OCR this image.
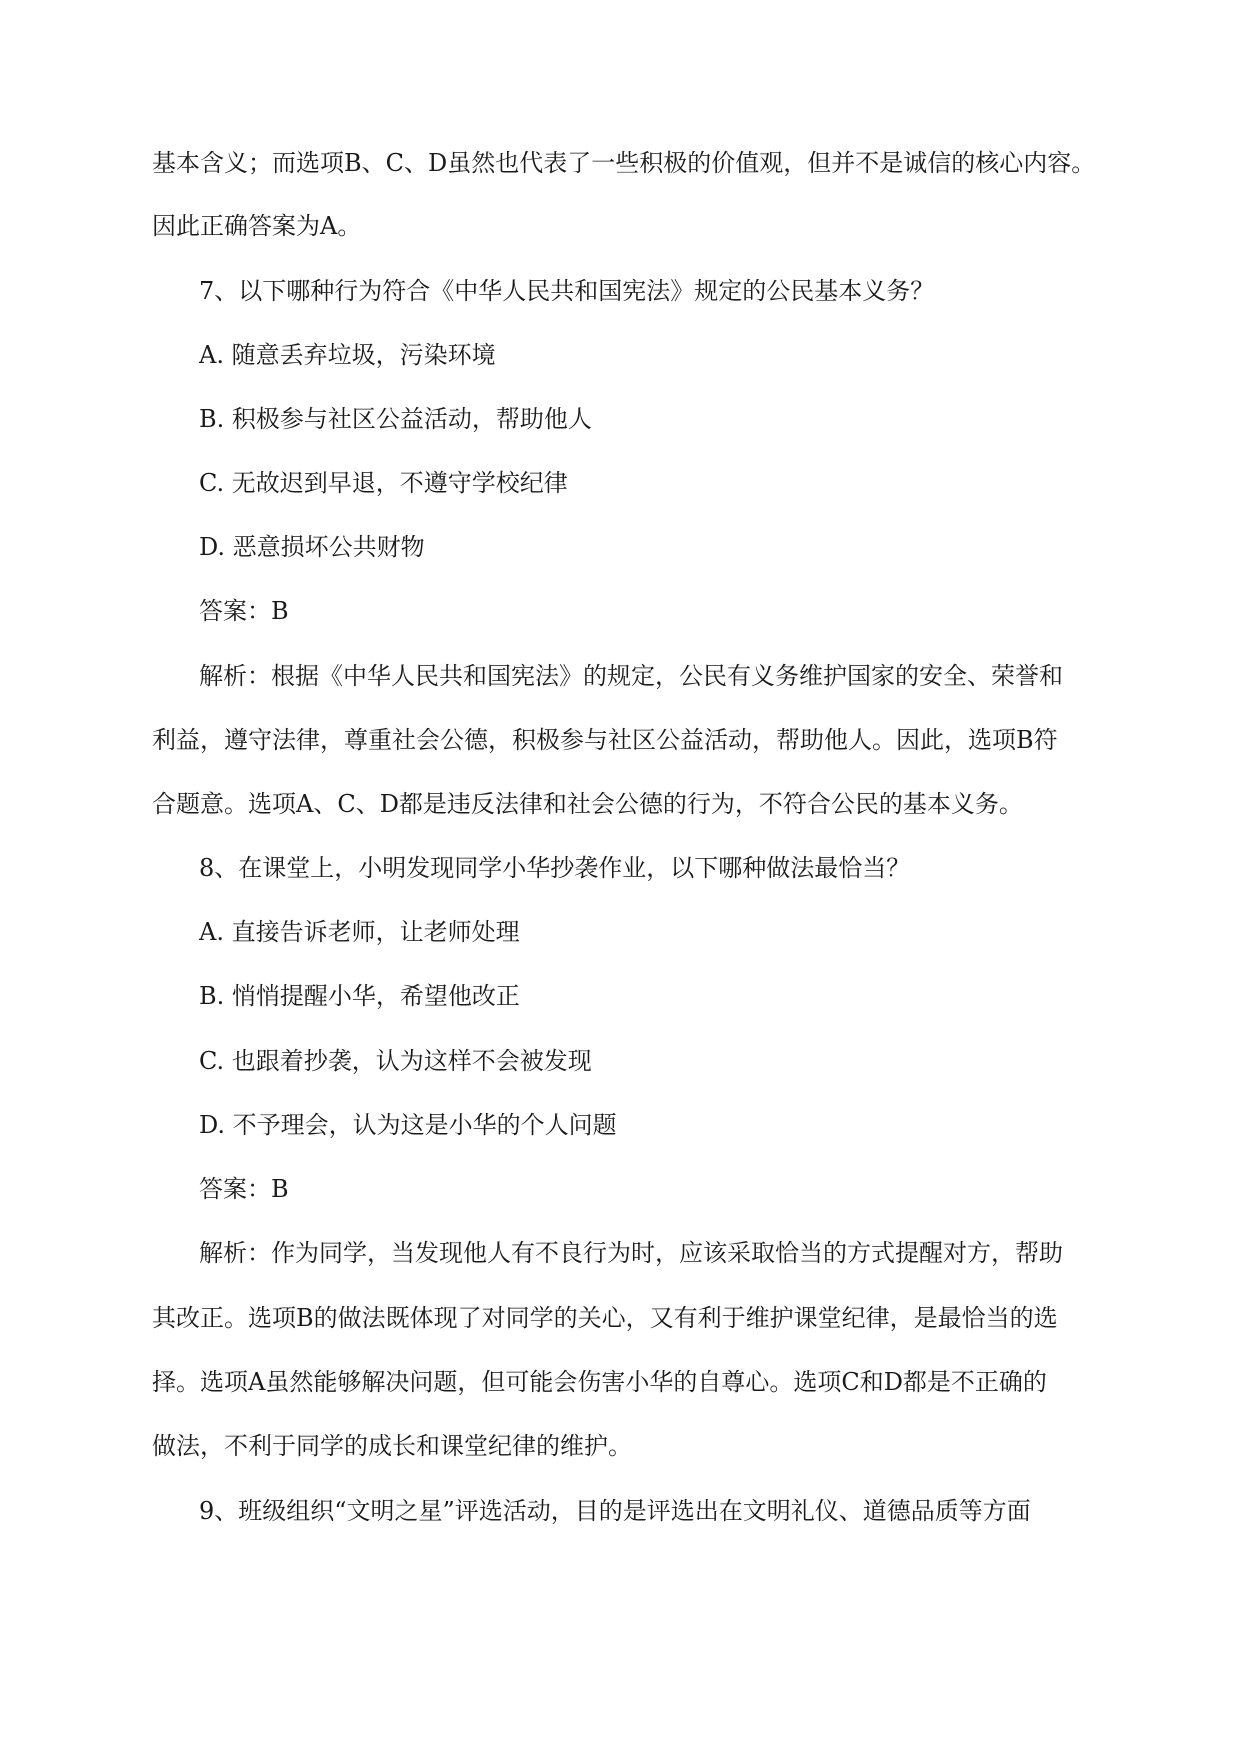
基本含义；而选项B、C、D虽然也代表了一些积极的价值观，但并不是诚信的核心内容。
因此正确答案为A。
7、以下哪种行为符合《中华人民共和国宪法》规定的公民基本义务？
A. 随意丢弃垃圾，污染环境
B. 积极参与社区公益活动，帮助他人
C. 无故迟到早退，不遵守学校纪律
D. 恶意损坏公共财物
答案：B
解析：根据《中华人民共和国宪法》的规定，公民有义务维护国家的安全、荣誉和
利益，遵守法律，尊重社会公德，积极参与社区公益活动，帮助他人。因此，选项B符
合题意。选项A、C、D都是违反法律和社会公德的行为，不符合公民的基本义务。
8、在课堂上，小明发现同学小华抄袭作业，以下哪种做法最恰当？
A. 直接告诉老师，让老师处理
B. 悄悄提醒小华，希望他改正
C. 也跟着抄袭，认为这样不会被发现
D. 不予理会，认为这是小华的个人问题
答案：B
解析：作为同学，当发现他人有不良行为时，应该采取恰当的方式提醒对方，帮助
其改正。选项B的做法既体现了对同学的关心，又有利于维护课堂纪律，是最恰当的选
择。选项A虽然能够解决问题，但可能会伤害小华的自尊心。选项C和D都是不正确的
做法，不利于同学的成长和课堂纪律的维护。
9、班级组织“文明之星”评选活动，目的是评选出在文明礼仪、道德品质等方面
